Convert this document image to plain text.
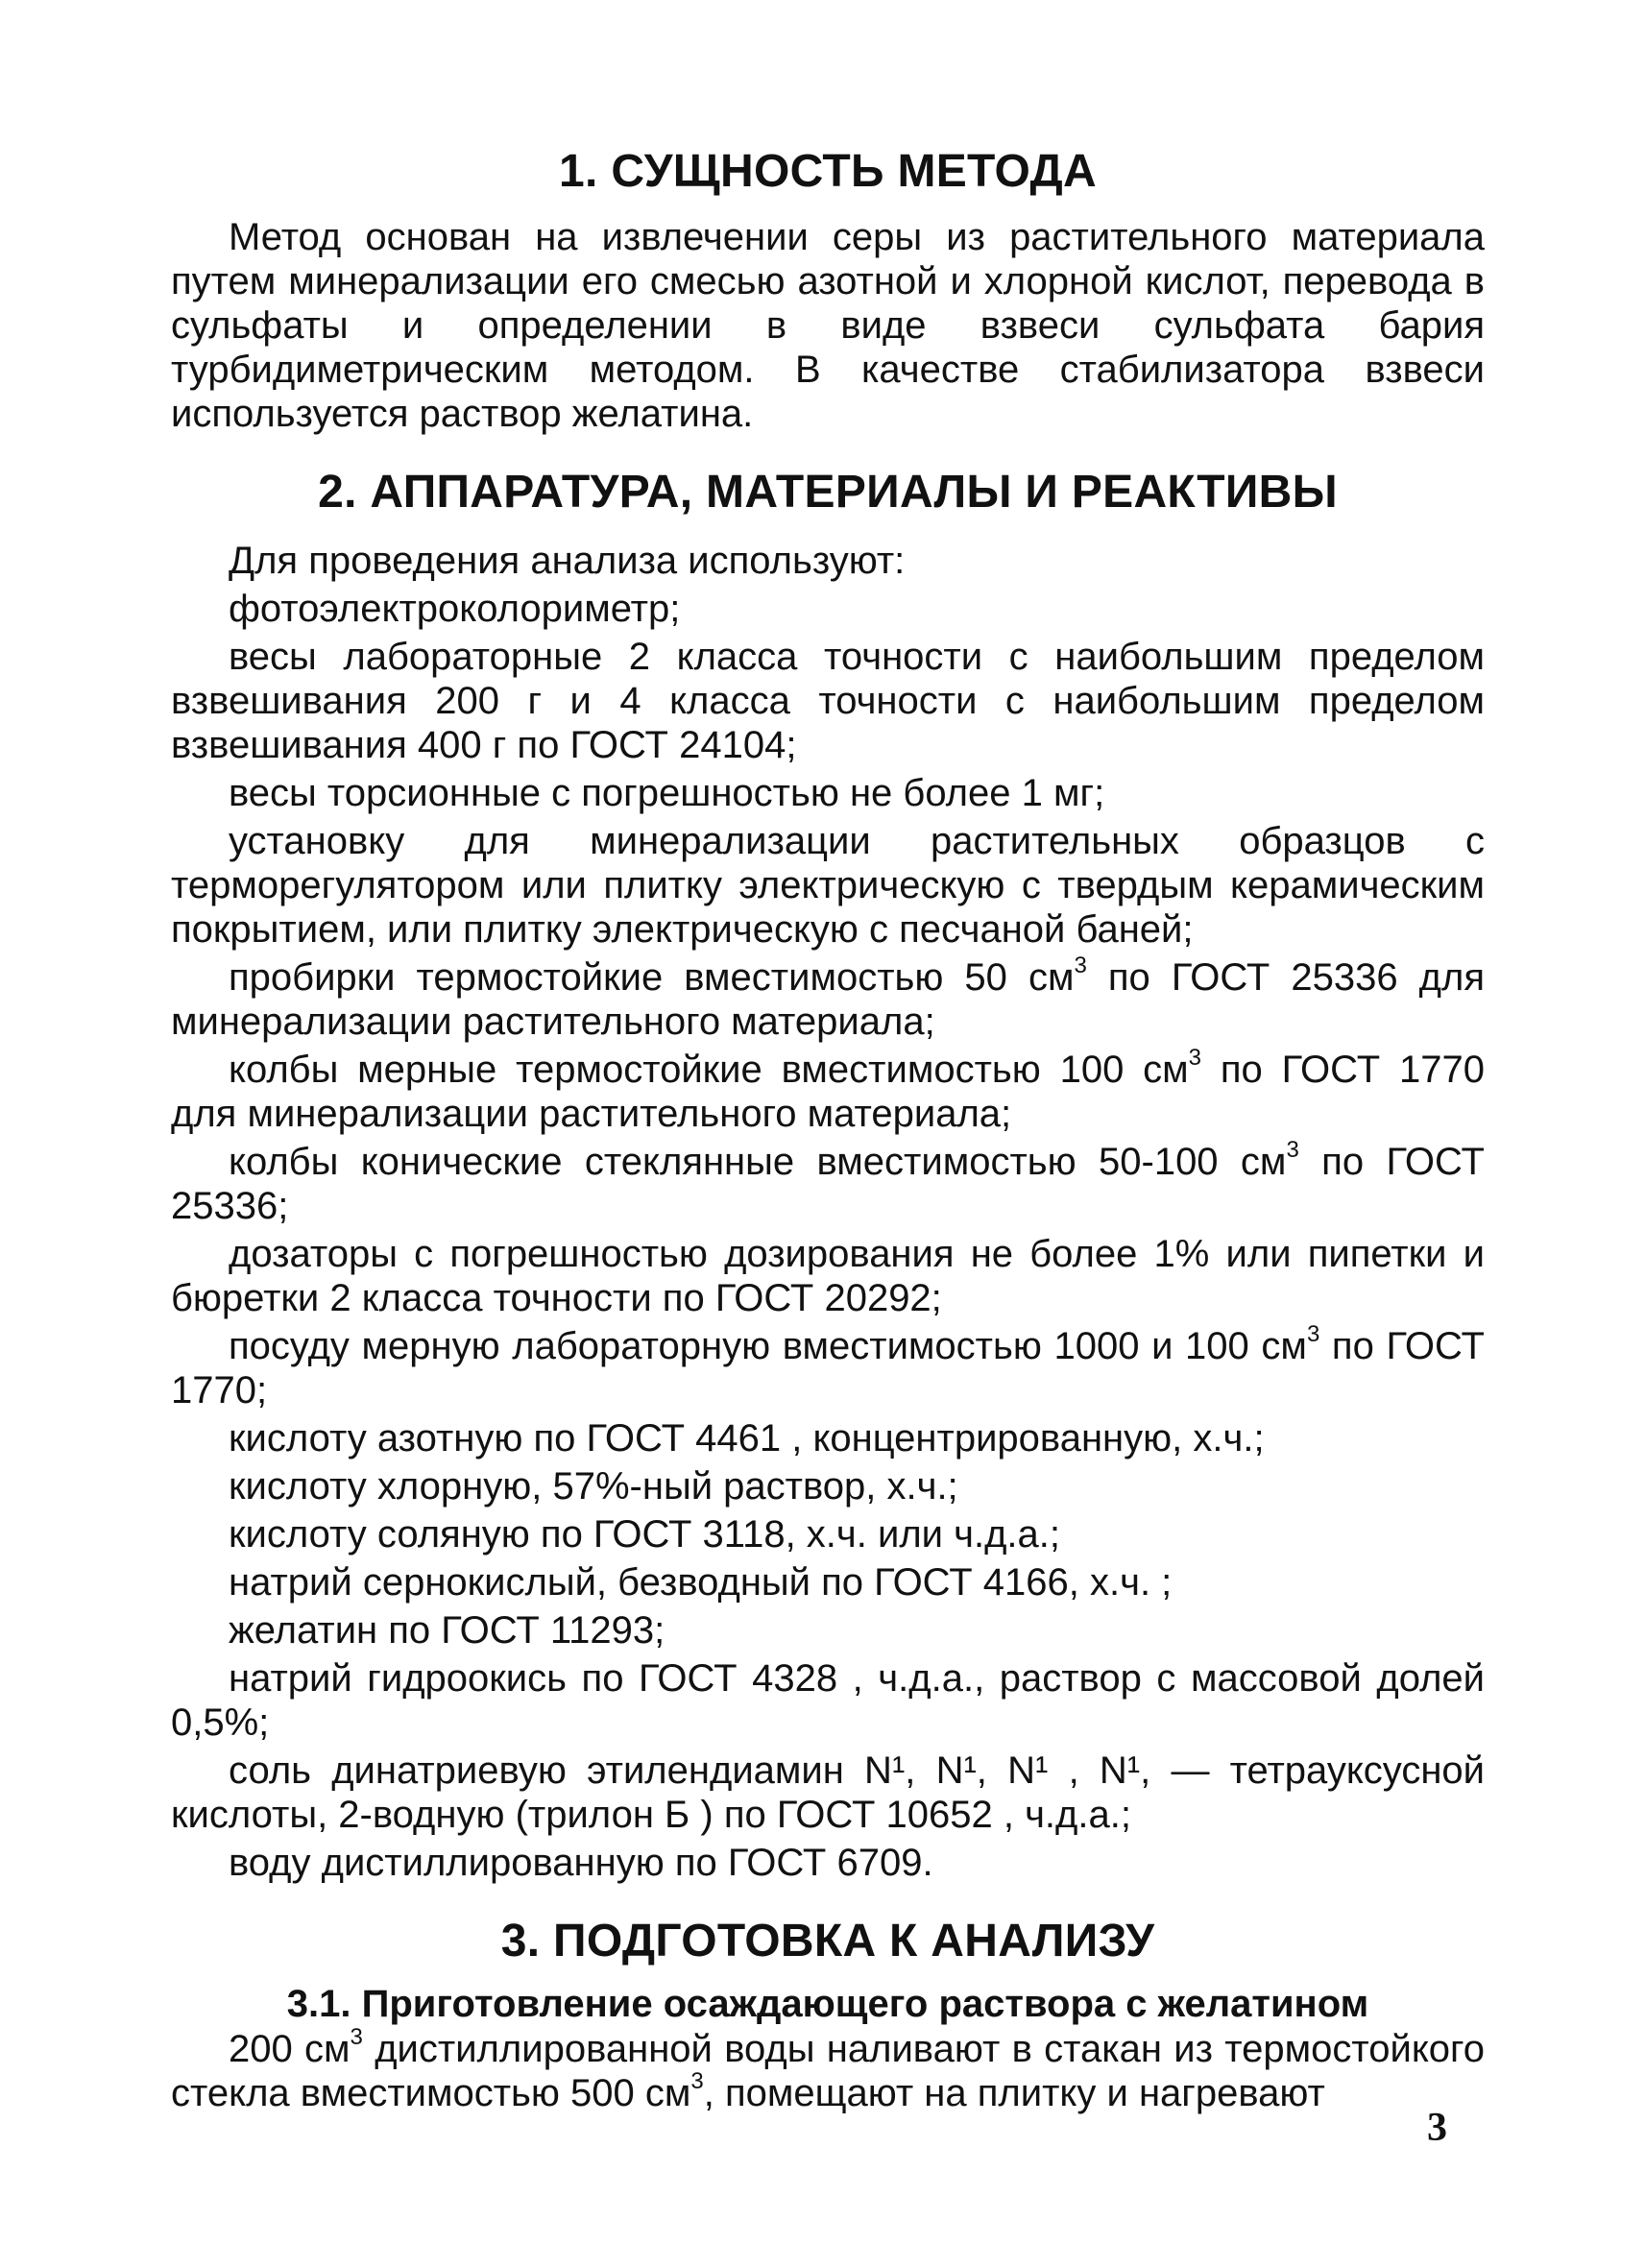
1. СУЩНОСТЬ МЕТОДА

Метод основан на извлечении серы из растительного материала путем минерализации его смесью азотной и хлорной кислот, перевода в сульфаты и определении в виде взвеси сульфата бария турбидиметрическим методом. В качестве стабилизатора взвеси используется раствор желатина.

2. АППАРАТУРА, МАТЕРИАЛЫ И РЕАКТИВЫ

Для проведения анализа используют:

фотоэлектроколориметр;

весы лабораторные 2 класса точности с наибольшим пределом взвешивания 200 г и 4 класса точности с наибольшим пределом взвешивания 400 г по ГОСТ 24104;

весы торсионные с погрешностью не более 1 мг;

установку для минерализации растительных образцов с терморегулятором или плитку электрическую с твердым керамическим покрытием, или плитку электрическую с песчаной баней;

пробирки термостойкие вместимостью 50 $см^3$ по ГОСТ 25336 для минерализации растительного материала;

колбы мерные термостойкие вместимостью 100 $см^3$ по ГОСТ 1770 для минерализации растительного материала;

колбы конические стеклянные вместимостью 50-100 $см^3$ по ГОСТ 25336;

дозаторы с погрешностью дозирования не более 1% или пипетки и бюретки 2 класса точности по ГОСТ 20292;

посуду мерную лабораторную вместимостью 1000 и 100 $см^3$ по ГОСТ 1770;

кислоту азотную по ГОСТ 4461 , концентрированную, х.ч.;

кислоту хлорную, 57%-ный раствор, х.ч.;

кислоту соляную по ГОСТ 3118, х.ч. или ч.д.а.;

натрий сернокислый, безводный по ГОСТ 4166, х.ч. ;

желатин по ГОСТ 11293;

натрий гидроокись по ГОСТ 4328 , ч.д.а., раствор с массовой долей 0,5%;

соль динатриевую этилендиамин N¹, N¹, N¹ , N¹, — тетрауксусной кислоты, 2-водную (трилон Б ) по ГОСТ 10652 , ч.д.а.;

воду дистиллированную по ГОСТ 6709.

3. ПОДГОТОВКА К АНАЛИЗУ
3.1. Приготовление осаждающего раствора с желатином

200 $см^3$ дистиллированной воды наливают в стакан из термостойкого стекла вместимостью 500 $см^3$, помещают на плитку и нагревают

3
